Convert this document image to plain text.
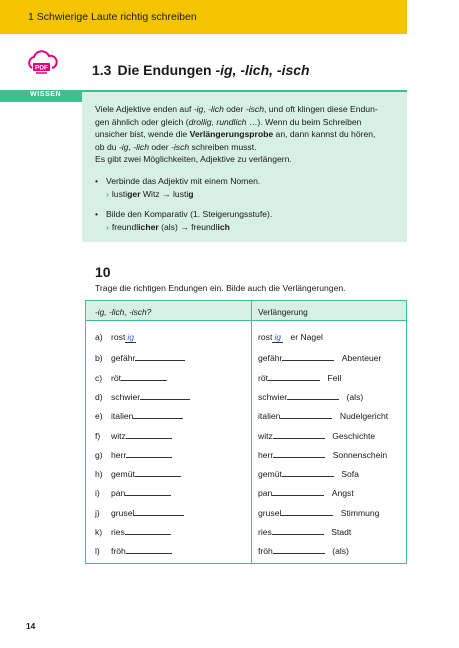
1 Schwierige Laute richtig schreiben
PDF	1.3 Die Endungen -ig, -lich, -isch
WISSEN

Viele Adjektive enden auf -ig, -lich oder -isch, und oft klingen diese Endun-
gen ähnlich oder gleich (drollig, rundlich …). Wenn du beim Schreiben
unsicher bist, wende die Verlängerungsprobe an, dann kannst du hören,
ob du -ig, -lich oder -isch schreiben musst.

Es gibt zwei Möglichkeiten, Adjektive zu verlängern.

• Verbinde das Adjektiv mit einem Nomen.
› lustiger Witz → lustig
• Bilde den Komparativ (1. Steigerungsstufe).
› freundlicher (als) → freundlich
10
Trage die richtigen Endungen ein. Bilde auch die Verlängerungen.
-ig, -lich, -isch?	Verlängerung
a) rost ig	rost ig er Nagel
b) gefähr	gefähr	Abenteuer
c) röt	röt	Fell
d) schwier	schwier	(als)
e) italien	italien	Nudelgericht
f) witz	witz	Geschichte
g) herr	herr	Sonnenschein
h) gemüt	gemüt	Sofa
i) pan	pan	Angst
j) grusel	grusel	Stimmung
k) ries	ries	Stadt
l) fröh	fröh	(als)
14
